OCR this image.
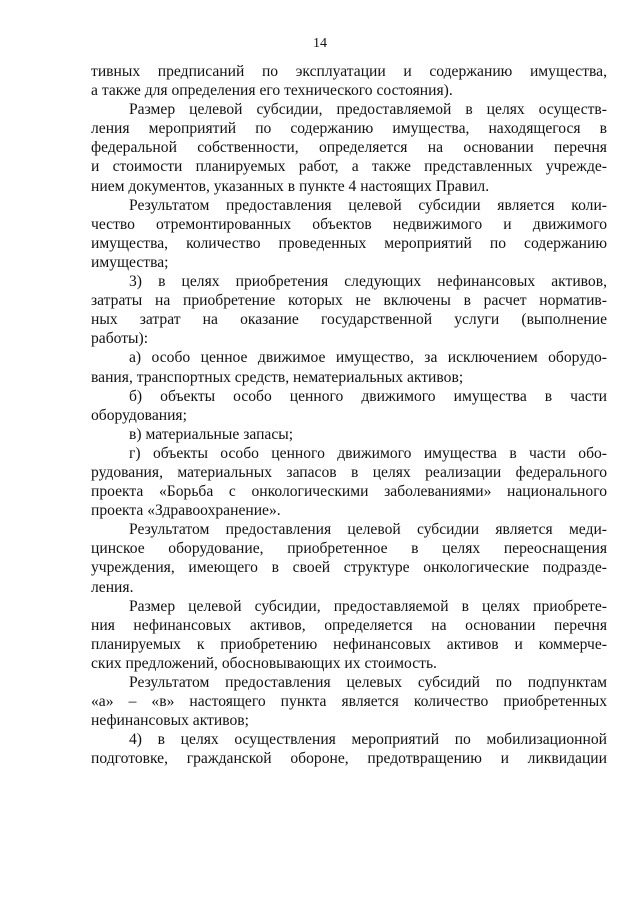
14

тивных предписаний по эксплуатации и содержанию имущества,
а также для определения его технического состояния).

Размер целевой субсидии, предоставляемой в целях осуществ-
ления мероприятий по содержанию имущества, находящегося в
федеральной собственности, определяется на основании перечня
и стоимости планируемых работ, а также представленных учрежде-
нием документов, указанных в пункте 4 настоящих Правил.

Результатом предоставления целевой субсидии является коли-
чество отремонтированных объектов недвижимого и движимого
имущества, количество проведенных мероприятий по содержанию
имущества;

3) в целях приобретения следующих нефинансовых активов,
затраты на приобретение которых не включены в расчет норматив-
ных затрат на оказание государственной услуги (выполнение
работы):

а) особо ценное движимое имущество, за исключением оборудо-
вания, транспортных средств, нематериальных активов;

б) объекты особо ценного движимого имущества в части
оборудования;

в) материальные запасы;

г) объекты особо ценного движимого имущества в части обо-
рудования, материальных запасов в целях реализации федерального
проекта «Борьба с онкологическими заболеваниями» национального
проекта «Здравоохранение».

Результатом предоставления целевой субсидии является меди-
цинское оборудование, приобретенное в целях переоснащения
учреждения, имеющего в своей структуре онкологические подразде-
ления.

Размер целевой субсидии, предоставляемой в целях приобрете-
ния нефинансовых активов, определяется на основании перечня
планируемых к приобретению нефинансовых активов и коммерче-
ских предложений, обосновывающих их стоимость.

Результатом предоставления целевых субсидий по подпунктам
«а» – «в» настоящего пункта является количество приобретенных
нефинансовых активов;

4) в целях осуществления мероприятий по мобилизационной
подготовке, гражданской обороне, предотвращению и ликвидации
